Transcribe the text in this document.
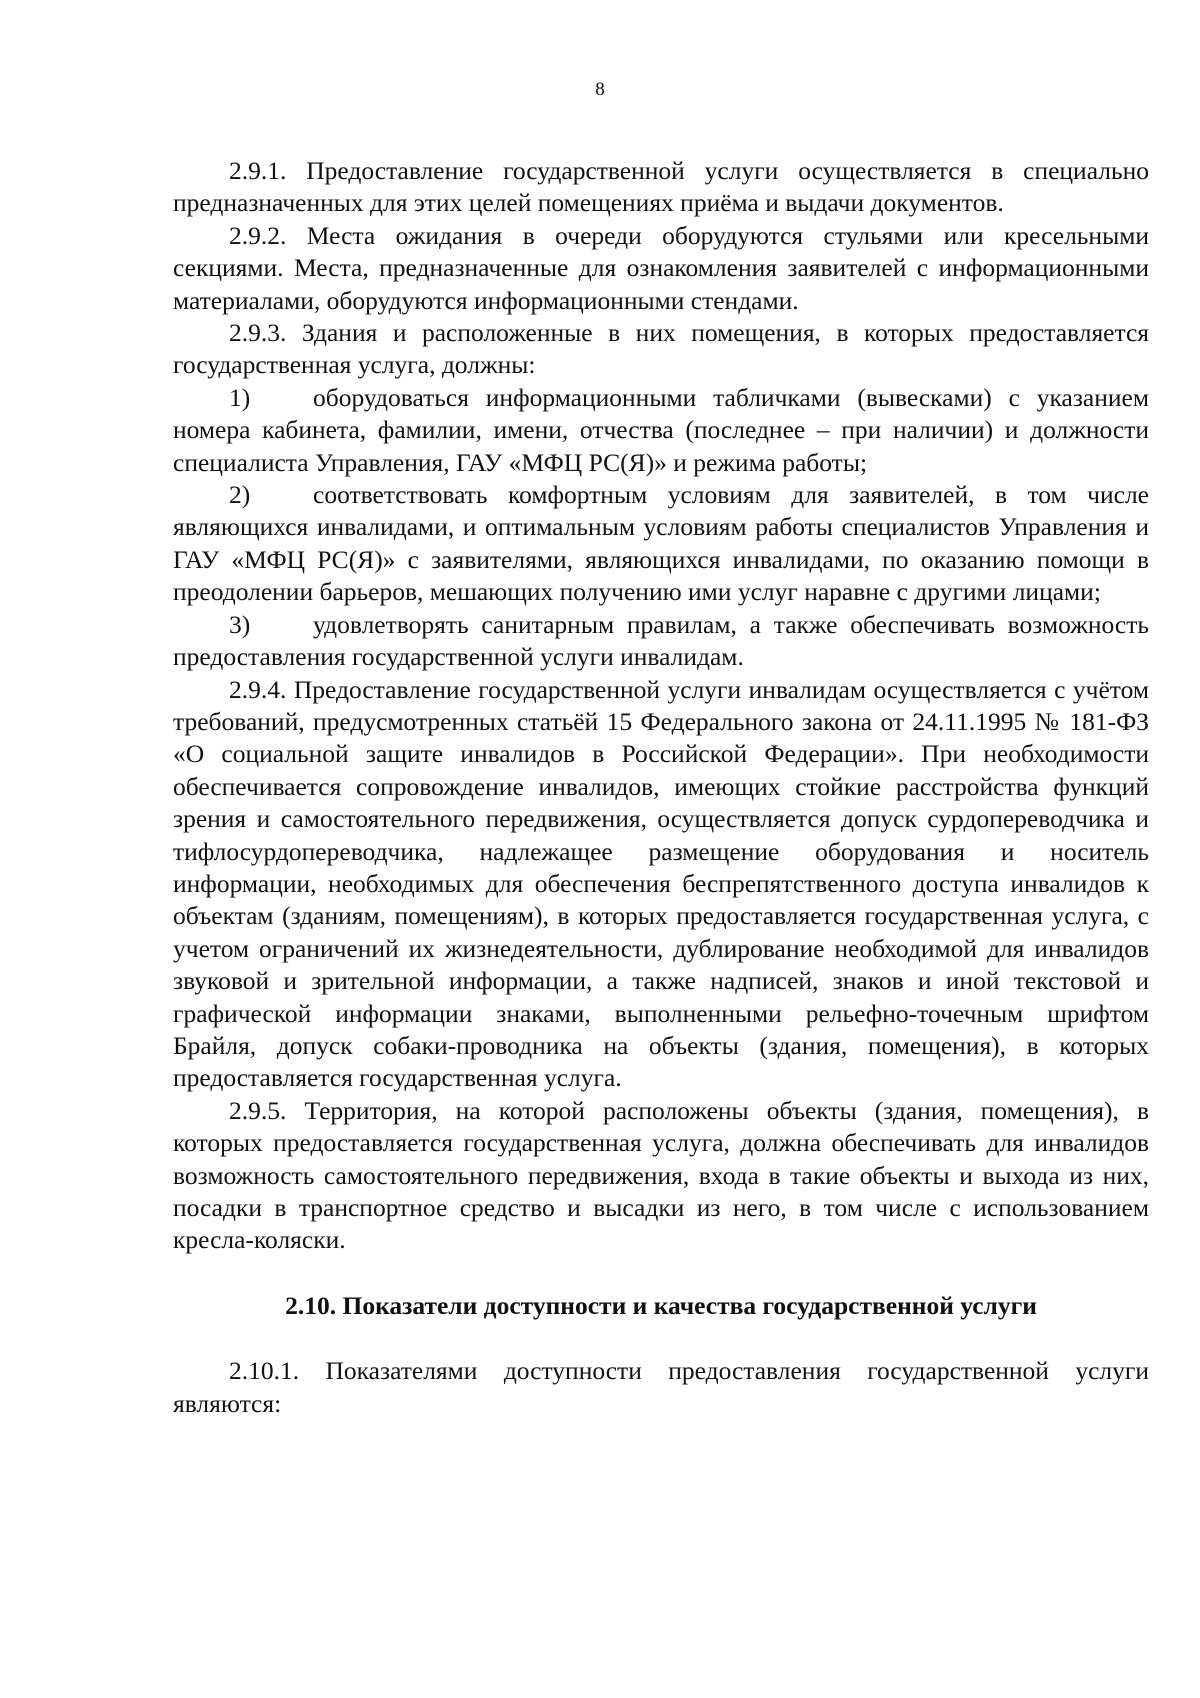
8

2.9.1. Предоставление государственной услуги осуществляется в специально предназначенных для этих целей помещениях приёма и выдачи документов.

2.9.2. Места ожидания в очереди оборудуются стульями или кресельными секциями. Места, предназначенные для ознакомления заявителей с информационными материалами, оборудуются информационными стендами.

2.9.3. Здания и расположенные в них помещения, в которых предоставляется государственная услуга, должны:

1) оборудоваться информационными табличками (вывесками) с указанием номера кабинета, фамилии, имени, отчества (последнее – при наличии) и должности специалиста Управления, ГАУ «МФЦ РС(Я)» и режима работы;

2) соответствовать комфортным условиям для заявителей, в том числе являющихся инвалидами, и оптимальным условиям работы специалистов Управления и ГАУ «МФЦ РС(Я)» с заявителями, являющихся инвалидами, по оказанию помощи в преодолении барьеров, мешающих получению ими услуг наравне с другими лицами;

3) удовлетворять санитарным правилам, а также обеспечивать возможность предоставления государственной услуги инвалидам.

2.9.4. Предоставление государственной услуги инвалидам осуществляется с учётом требований, предусмотренных статьёй 15 Федерального закона от 24.11.1995 № 181-ФЗ «О социальной защите инвалидов в Российской Федерации». При необходимости обеспечивается сопровождение инвалидов, имеющих стойкие расстройства функций зрения и самостоятельного передвижения, осуществляется допуск сурдопереводчика и тифлосурдопереводчика, надлежащее размещение оборудования и носитель информации, необходимых для обеспечения беспрепятственного доступа инвалидов к объектам (зданиям, помещениям), в которых предоставляется государственная услуга, с учетом ограничений их жизнедеятельности, дублирование необходимой для инвалидов звуковой и зрительной информации, а также надписей, знаков и иной текстовой и графической информации знаками, выполненными рельефно-точечным шрифтом Брайля, допуск собаки-проводника на объекты (здания, помещения), в которых предоставляется государственная услуга.

2.9.5. Территория, на которой расположены объекты (здания, помещения), в которых предоставляется государственная услуга, должна обеспечивать для инвалидов возможность самостоятельного передвижения, входа в такие объекты и выхода из них, посадки в транспортное средство и высадки из него, в том числе с использованием кресла-коляски.

2.10. Показатели доступности и качества государственной услуги

2.10.1. Показателями доступности предоставления государственной услуги являются:
